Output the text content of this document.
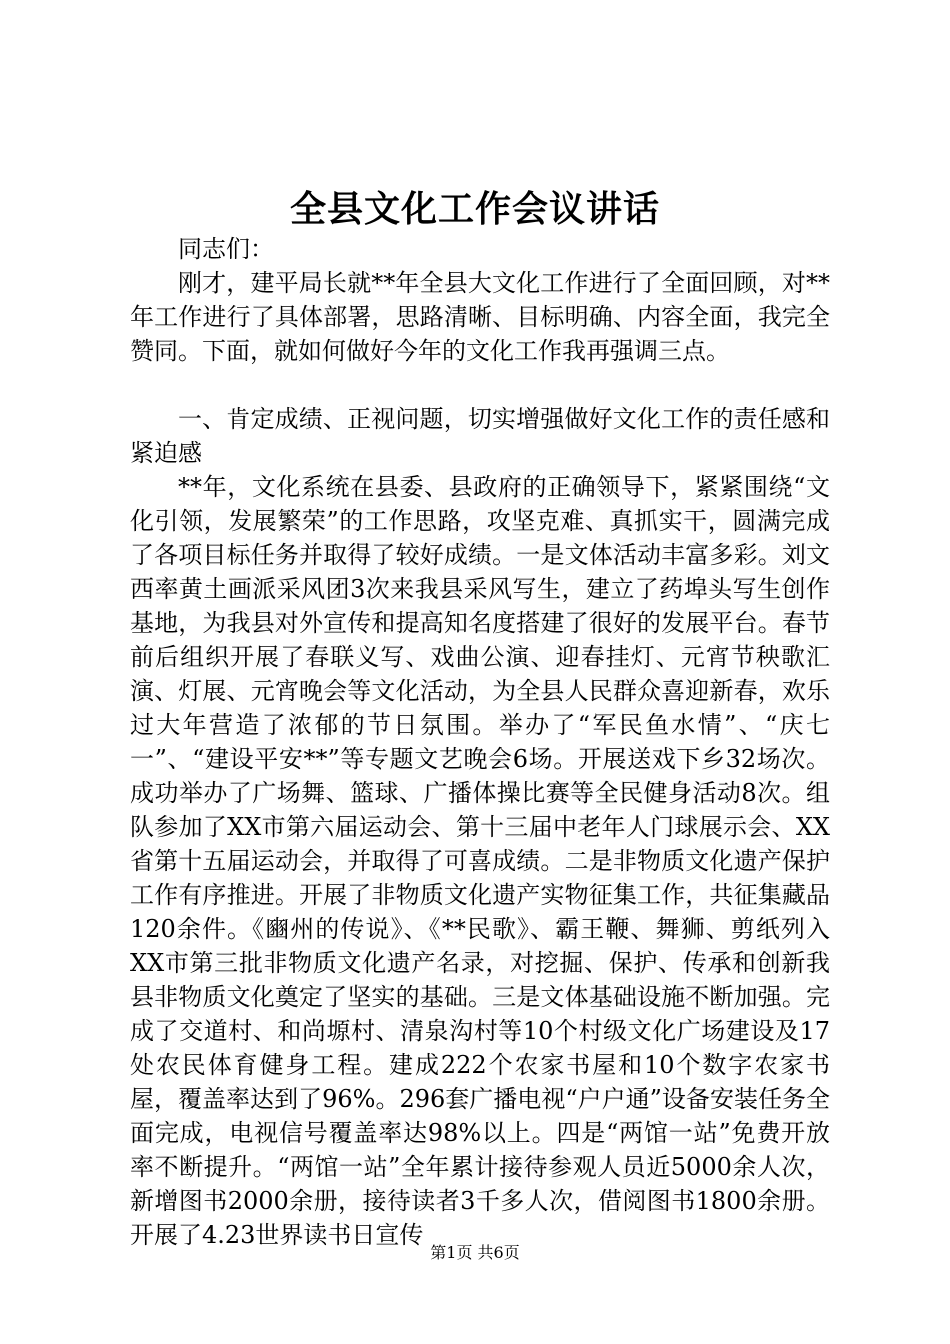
全县文化工作会议讲话

同志们：

刚才，建平局长就**年全县大文化工作进行了全面回顾，对**年工作进行了具体部署，思路清晰、目标明确、内容全面，我完全赞同。下面，就如何做好今年的文化工作我再强调三点。

一、肯定成绩、正视问题，切实增强做好文化工作的责任感和紧迫感

**年，文化系统在县委、县政府的正确领导下，紧紧围绕“文化引领，发展繁荣”的工作思路，攻坚克难、真抓实干，圆满完成了各项目标任务并取得了较好成绩。一是文体活动丰富多彩。刘文西率黄土画派采风团3次来我县采风写生，建立了药埠头写生创作基地，为我县对外宣传和提高知名度搭建了很好的发展平台。春节前后组织开展了春联义写、戏曲公演、迎春挂灯、元宵节秧歌汇演、灯展、元宵晚会等文化活动，为全县人民群众喜迎新春，欢乐过大年营造了浓郁的节日氛围。举办了“军民鱼水情”、“庆七一”、“建设平安**”等专题文艺晚会6场。开展送戏下乡32场次。成功举办了广场舞、篮球、广播体操比赛等全民健身活动8次。组队参加了XX市第六届运动会、第十三届中老年人门球展示会、XX省第十五届运动会，并取得了可喜成绩。二是非物质文化遗产保护工作有序推进。开展了非物质文化遗产实物征集工作，共征集藏品120余件。《豳州的传说》、《**民歌》、霸王鞭、舞狮、剪纸列入XX市第三批非物质文化遗产名录，对挖掘、保护、传承和创新我县非物质文化奠定了坚实的基础。三是文体基础设施不断加强。完成了交道村、和尚塬村、清泉沟村等10个村级文化广场建设及17处农民体育健身工程。建成222个农家书屋和10个数字农家书屋，覆盖率达到了96%。296套广播电视“户户通”设备安装任务全面完成，电视信号覆盖率达98%以上。四是“两馆一站”免费开放率不断提升。“两馆一站”全年累计接待参观人员近5000余人次，新增图书2000余册，接待读者3千多人次，借阅图书1800余册。开展了4.23世界读书日宣传

第1页 共6页
